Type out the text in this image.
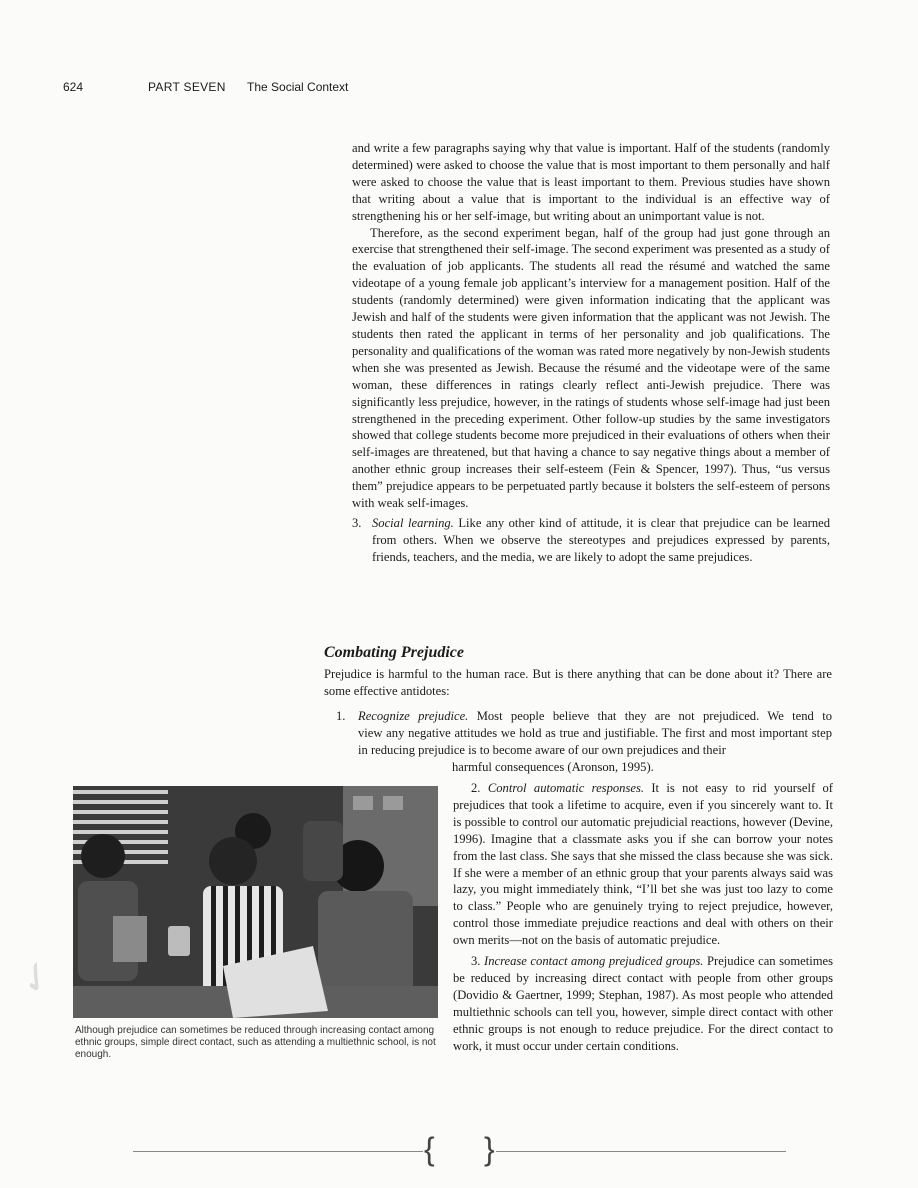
624	PART SEVEN The Social Context

and write a few paragraphs saying why that value is important. Half of the students (randomly determined) were asked to choose the value that is most important to them personally and half were asked to choose the value that is least important to them. Previous studies have shown that writing about a value that is important to the individual is an effective way of strengthening his or her self-image, but writing about an unimportant value is not.

Therefore, as the second experiment began, half of the group had just gone through an exercise that strengthened their self-image. The second experiment was presented as a study of the evaluation of job applicants. The students all read the résumé and watched the same videotape of a young female job applicant’s interview for a management position. Half of the students (randomly determined) were given information indicating that the applicant was Jewish and half of the students were given information that the applicant was not Jewish. The students then rated the applicant in terms of her personality and job qualifications. The personality and qualifications of the woman was rated more negatively by non-Jewish students when she was presented as Jewish. Because the résumé and the videotape were of the same woman, these differences in ratings clearly reflect anti-Jewish prejudice. There was significantly less prejudice, however, in the ratings of students whose self-image had just been strengthened in the preceding experiment. Other follow-up studies by the same investigators showed that college students become more prejudiced in their evaluations of others when their self-images are threatened, but that having a chance to say negative things about a member of another ethnic group increases their self-esteem (Fein & Spencer, 1997). Thus, “us versus them” prejudice appears to be perpetuated partly because it bolsters the self-esteem of persons with weak self-images.

3. Social learning. Like any other kind of attitude, it is clear that prejudice can be learned from others. When we observe the stereotypes and prejudices expressed by parents, friends, teachers, and the media, we are likely to adopt the same prejudices.
Combating Prejudice

Prejudice is harmful to the human race. But is there anything that can be done about it? There are some effective antidotes:

1. Recognize prejudice. Most people believe that they are not prejudiced. We tend to
view any negative attitudes we hold as true and justifiable. The first and most important step in reducing prejudice is to become aware of our own prejudices and their
harmful consequences (Aronson, 1995).
Although prejudice can sometimes be reduced through increasing contact among ethnic groups, simple direct contact, such as attending a multiethnic school, is not enough.

2. Control automatic responses. It is not easy to rid yourself of prejudices that took a lifetime to acquire, even if you sincerely want to. It is possible to control our automatic prejudicial reactions, however (Devine, 1996). Imagine that a classmate asks you if she can borrow your notes from the last class. She says that she missed the class because she was sick. If she were a member of an ethnic group that your parents always said was lazy, you might immediately think, “I’ll bet she was just too lazy to come to class.” People who are genuinely trying to reject prejudice, however, control those immediate prejudice reactions and deal with others on their own merits—not on the basis of automatic prejudice.

3. Increase contact among prejudiced groups. Prejudice can sometimes be reduced by increasing direct contact with people from other groups (Dovidio & Gaertner, 1999; Stephan, 1987). As most people who attended multiethnic schools can tell you, however, simple direct contact with other ethnic groups is not enough to reduce prejudice. For the direct contact to work, it must occur under certain conditions.

{ }
✓
